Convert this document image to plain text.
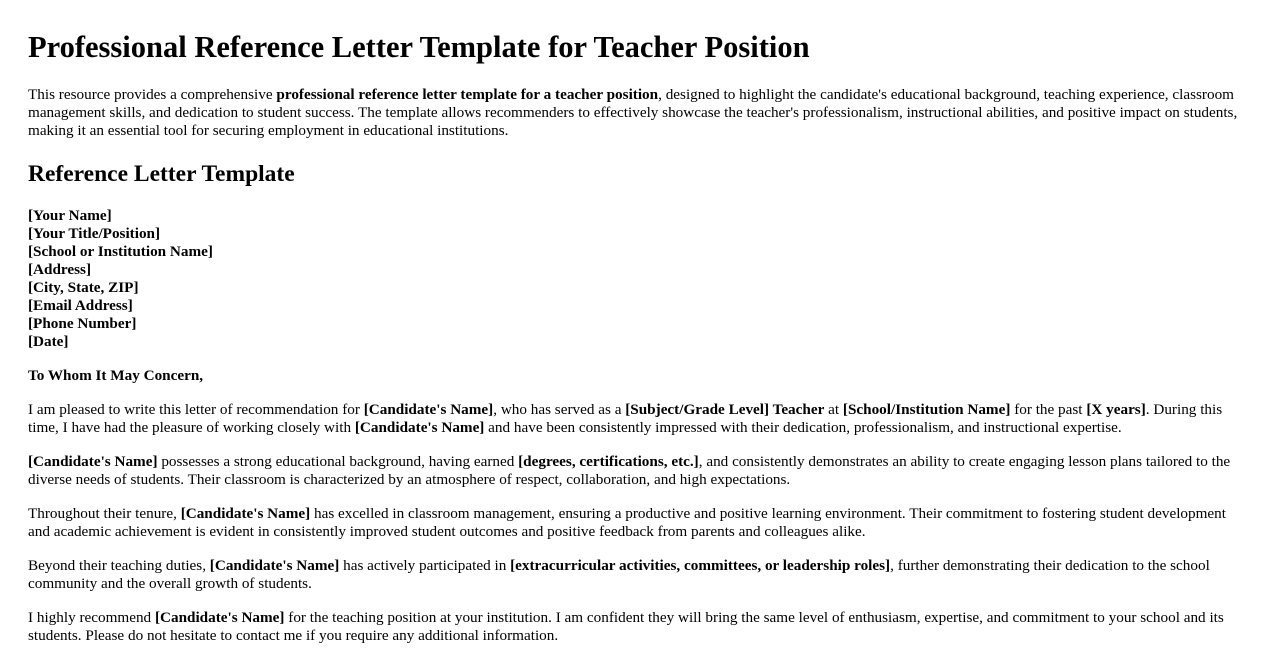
Professional Reference Letter Template for Teacher Position

This resource provides a comprehensive professional reference letter template for a teacher position, designed to highlight the candidate's educational background, teaching experience, classroom management skills, and dedication to student success. The template allows recommenders to effectively showcase the teacher's professionalism, instructional abilities, and positive impact on students, making it an essential tool for securing employment in educational institutions.

Reference Letter Template
[Your Name]
[Your Title/Position]
[School or Institution Name]
[Address]
[City, State, ZIP]
[Email Address]
[Phone Number]
[Date]
To Whom It May Concern,

I am pleased to write this letter of recommendation for [Candidate's Name], who has served as a [Subject/Grade Level] Teacher at [School/Institution Name] for the past [X years]. During this time, I have had the pleasure of working closely with [Candidate's Name] and have been consistently impressed with their dedication, professionalism, and instructional expertise.

[Candidate's Name] possesses a strong educational background, having earned [degrees, certifications, etc.], and consistently demonstrates an ability to create engaging lesson plans tailored to the diverse needs of students. Their classroom is characterized by an atmosphere of respect, collaboration, and high expectations.

Throughout their tenure, [Candidate's Name] has excelled in classroom management, ensuring a productive and positive learning environment. Their commitment to fostering student development and academic achievement is evident in consistently improved student outcomes and positive feedback from parents and colleagues alike.

Beyond their teaching duties, [Candidate's Name] has actively participated in [extracurricular activities, committees, or leadership roles], further demonstrating their dedication to the school community and the overall growth of students.

I highly recommend [Candidate's Name] for the teaching position at your institution. I am confident they will bring the same level of enthusiasm, expertise, and commitment to your school and its students. Please do not hesitate to contact me if you require any additional information.
